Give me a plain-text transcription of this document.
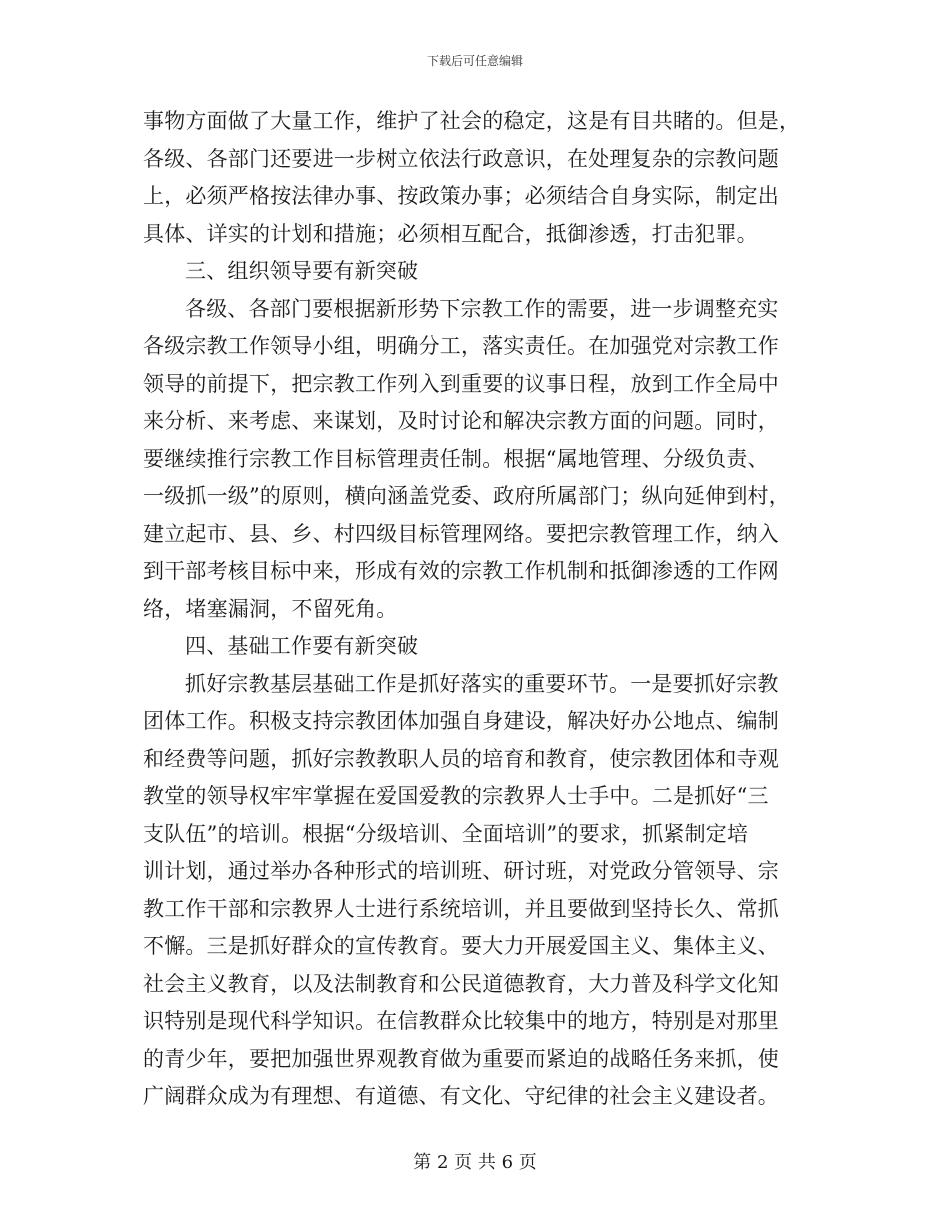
下载后可任意编辑
事物方面做了大量工作，维护了社会的稳定，这是有目共睹的。但是，
各级、各部门还要进一步树立依法行政意识，在处理复杂的宗教问题
上，必须严格按法律办事、按政策办事；必须结合自身实际，制定出
具体、详实的计划和措施；必须相互配合，抵御渗透，打击犯罪。
三、组织领导要有新突破
各级、各部门要根据新形势下宗教工作的需要，进一步调整充实
各级宗教工作领导小组，明确分工，落实责任。在加强党对宗教工作
领导的前提下，把宗教工作列入到重要的议事日程，放到工作全局中
来分析、来考虑、来谋划，及时讨论和解决宗教方面的问题。同时，
要继续推行宗教工作目标管理责任制。根据“属地管理、分级负责、
一级抓一级”的原则，横向涵盖党委、政府所属部门；纵向延伸到村，
建立起市、县、乡、村四级目标管理网络。要把宗教管理工作，纳入
到干部考核目标中来，形成有效的宗教工作机制和抵御渗透的工作网
络，堵塞漏洞，不留死角。
四、基础工作要有新突破
抓好宗教基层基础工作是抓好落实的重要环节。一是要抓好宗教
团体工作。积极支持宗教团体加强自身建设，解决好办公地点、编制
和经费等问题，抓好宗教教职人员的培育和教育，使宗教团体和寺观
教堂的领导权牢牢掌握在爱国爱教的宗教界人士手中。二是抓好“三
支队伍”的培训。根据“分级培训、全面培训”的要求，抓紧制定培
训计划，通过举办各种形式的培训班、研讨班，对党政分管领导、宗
教工作干部和宗教界人士进行系统培训，并且要做到坚持长久、常抓
不懈。三是抓好群众的宣传教育。要大力开展爱国主义、集体主义、
社会主义教育，以及法制教育和公民道德教育，大力普及科学文化知
识特别是现代科学知识。在信教群众比较集中的地方，特别是对那里
的青少年，要把加强世界观教育做为重要而紧迫的战略任务来抓，使
广阔群众成为有理想、有道德、有文化、守纪律的社会主义建设者。
第 2 页 共 6 页
